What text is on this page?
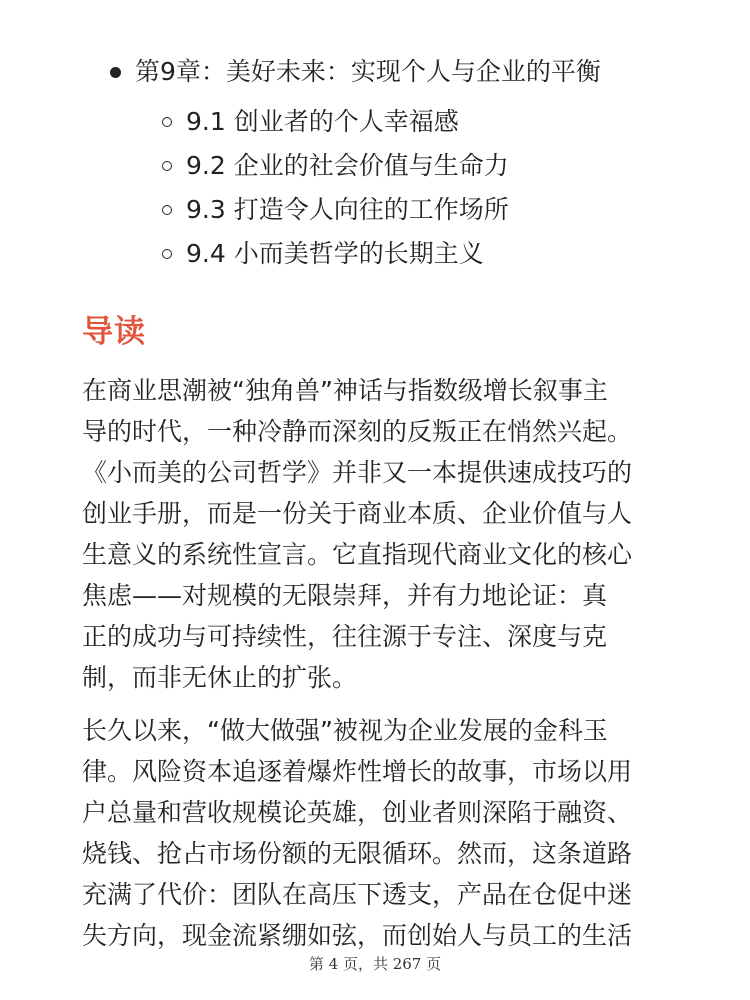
第9章：美好未来：实现个人与企业的平衡
9.1 创业者的个人幸福感
9.2 企业的社会价值与生命力
9.3 打造令人向往的工作场所
9.4 小而美哲学的长期主义
导读

在商业思潮被“独角兽”神话与指数级增长叙事主
导的时代，一种冷静而深刻的反叛正在悄然兴起。
《小而美的公司哲学》并非又一本提供速成技巧的
创业手册，而是一份关于商业本质、企业价值与人
生意义的系统性宣言。它直指现代商业文化的核心
焦虑——对规模的无限崇拜，并有力地论证：真
正的成功与可持续性，往往源于专注、深度与克
制，而非无休止的扩张。

长久以来，“做大做强”被视为企业发展的金科玉
律。风险资本追逐着爆炸性增长的故事，市场以用
户总量和营收规模论英雄，创业者则深陷于融资、
烧钱、抢占市场份额的无限循环。然而，这条道路
充满了代价：团队在高压下透支，产品在仓促中迷
失方向，现金流紧绷如弦，而创始人与员工的生活

第 4 页，共 267 页
